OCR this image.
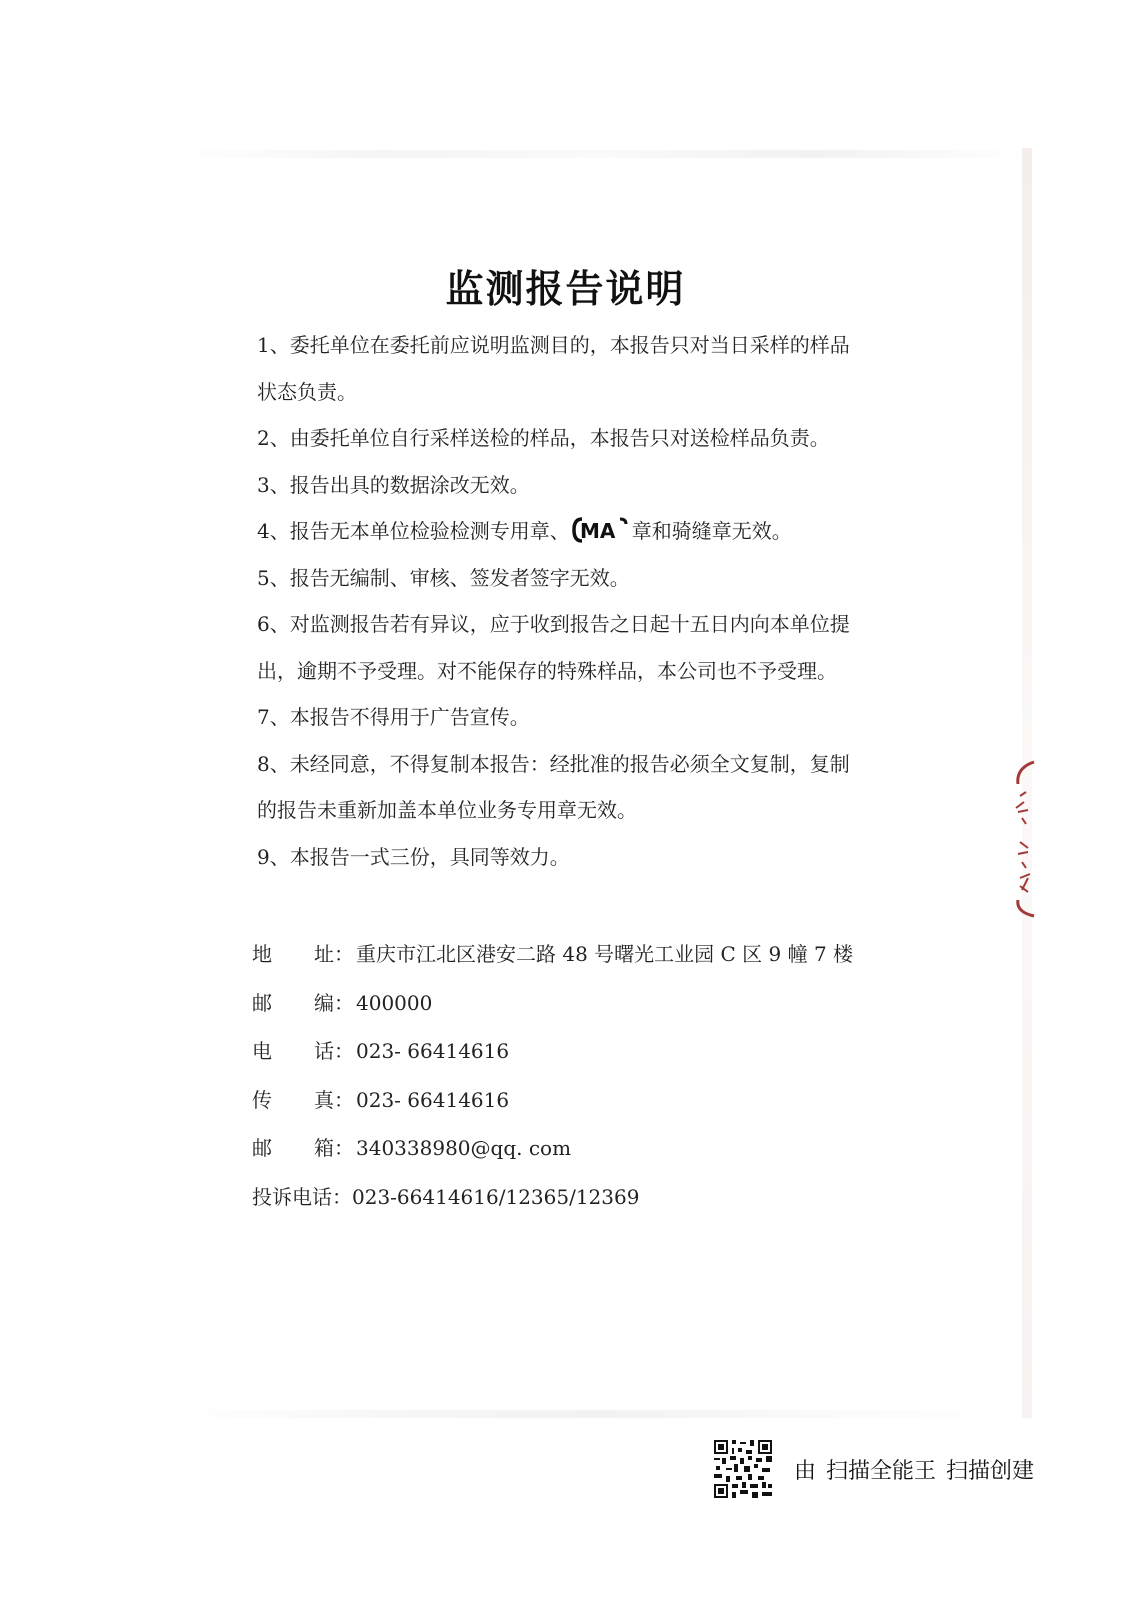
监测报告说明
1、委托单位在委托前应说明监测目的，本报告只对当日采样的样品
状态负责。
2、由委托单位自行采样送检的样品，本报告只对送检样品负责。
3、报告出具的数据涂改无效。
4、报告无本单位检验检测专用章、 MA 章和骑缝章无效。
5、报告无编制、审核、签发者签字无效。
6、对监测报告若有异议，应于收到报告之日起十五日内向本单位提
出，逾期不予受理。对不能保存的特殊样品，本公司也不予受理。
7、本报告不得用于广告宣传。
8、未经同意，不得复制本报告：经批准的报告必须全文复制，复制
的报告未重新加盖本单位业务专用章无效。
9、本报告一式三份，具同等效力。
地 址： 重庆市江北区港安二路 48 号曙光工业园 C 区 9 幢 7 楼
邮 编： 400000
电 话： 023- 66414616
传 真： 023- 66414616
邮 箱： 340338980@qq. com
投诉电话：023-66414616/12365/12369
由 扫描全能王 扫描创建
